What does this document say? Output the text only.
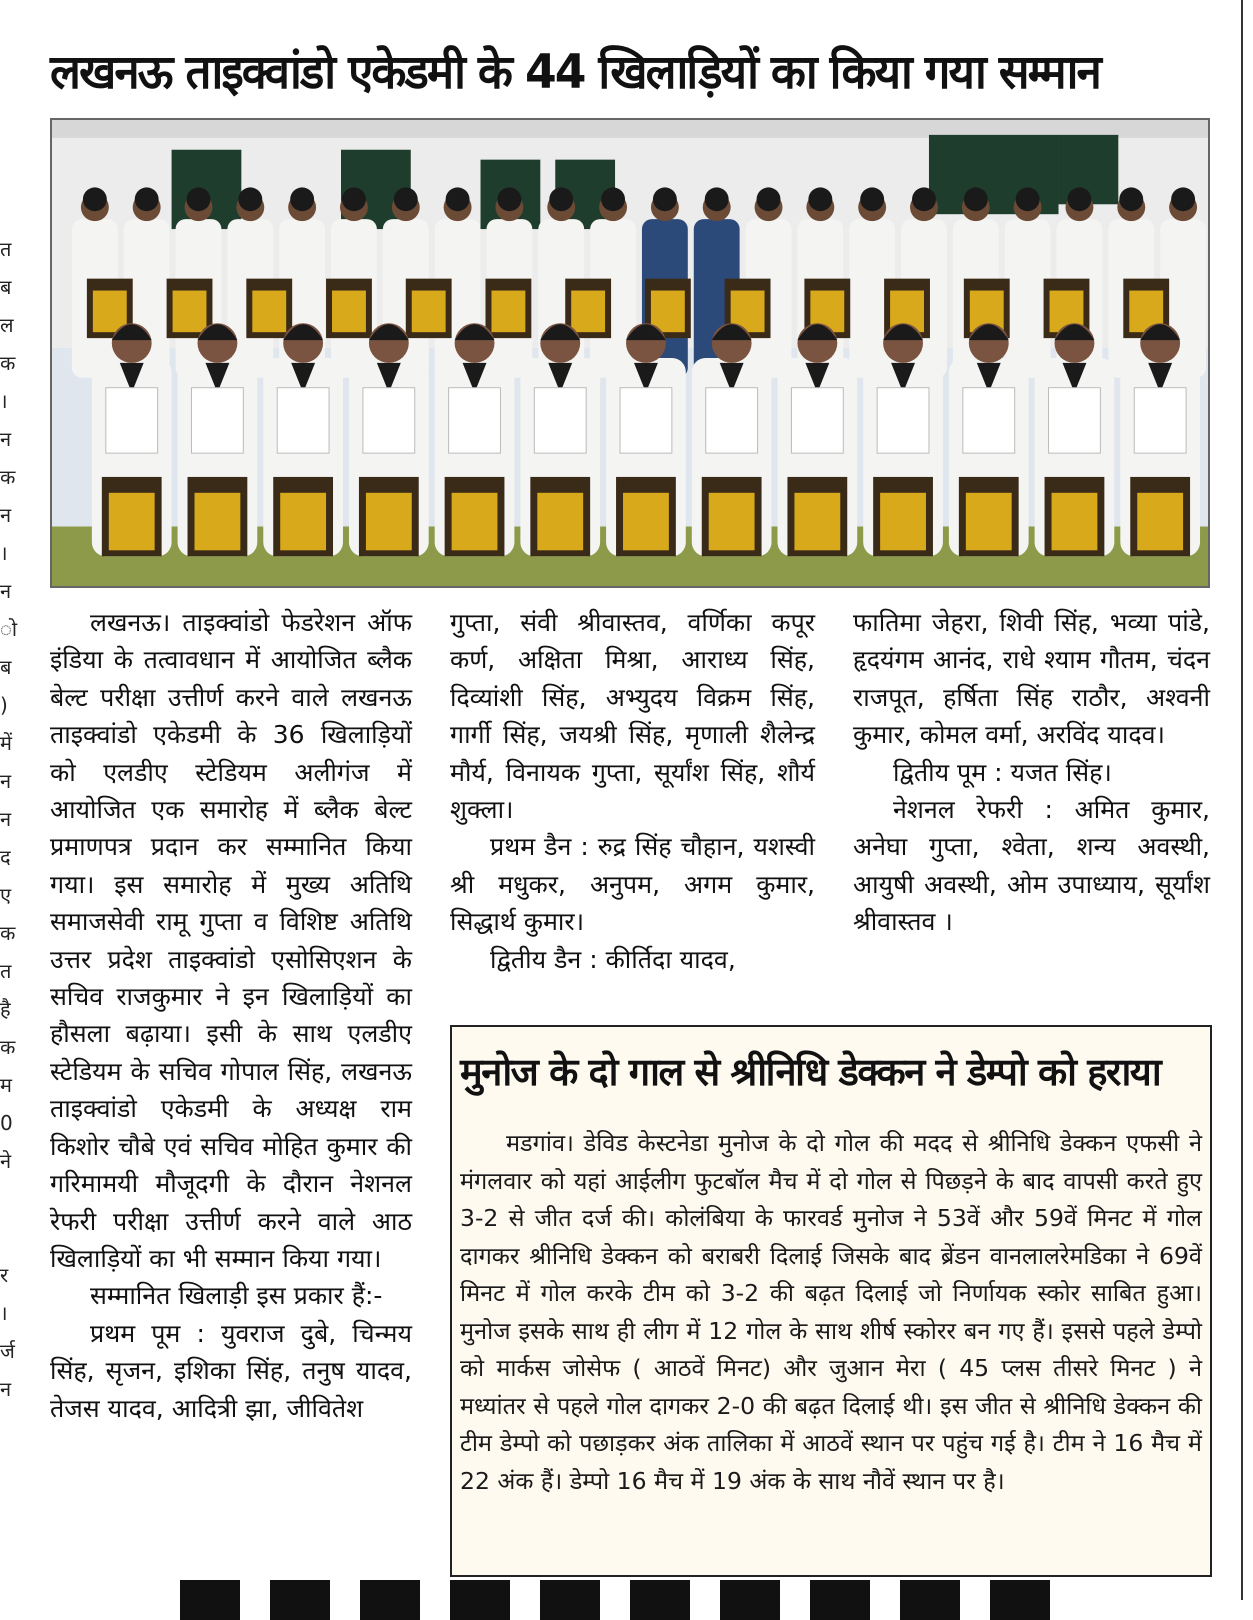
त
ब
ल
क
।
न
क
न
।
न
ो
ब
)
में
न
न
द
ए
क
त
है
क
म
0
ने

र
।
र्ज
न
लखनऊ ताइक्वांडो एकेडमी के 44 खिलाड़ियों का किया गया सम्मान

लखनऊ। ताइक्वांडो फेडरेशन ऑफ इंडिया के तत्वावधान में आयोजित ब्लैक बेल्ट परीक्षा उत्तीर्ण करने वाले लखनऊ ताइक्वांडो एकेडमी के 36 खिलाड़ियों को एलडीए स्टेडियम अलीगंज में आयोजित एक समारोह में ब्लैक बेल्ट प्रमाणपत्र प्रदान कर सम्मानित किया गया। इस समारोह में मुख्य अतिथि समाजसेवी रामू गुप्ता व विशिष्ट अतिथि उत्तर प्रदेश ताइक्वांडो एसोसिएशन के सचिव राजकुमार ने इन खिलाड़ियों का हौसला बढ़ाया। इसी के साथ एलडीए स्टेडियम के सचिव गोपाल सिंह, लखनऊ ताइक्वांडो एकेडमी के अध्यक्ष राम किशोर चौबे एवं सचिव मोहित कुमार की गरिमामयी मौजूदगी के दौरान नेशनल रेफरी परीक्षा उत्तीर्ण करने वाले आठ खिलाड़ियों का भी सम्मान किया गया।

सम्मानित खिलाड़ी इस प्रकार हैं:-

प्रथम पूम : युवराज दुबे, चिन्मय सिंह, सृजन, इशिका सिंह, तनुष यादव, तेजस यादव, आदित्री झा, जीवितेश

गुप्ता, संवी श्रीवास्तव, वर्णिका कपूर कर्ण, अक्षिता मिश्रा, आराध्य सिंह, दिव्यांशी सिंह, अभ्युदय विक्रम सिंह, गार्गी सिंह, जयश्री सिंह, मृणाली शैलेन्द्र मौर्य, विनायक गुप्ता, सूर्यांश सिंह, शौर्य शुक्ला।

प्रथम डैन : रुद्र सिंह चौहान, यशस्वी श्री मधुकर, अनुपम, अगम कुमार, सिद्धार्थ कुमार।

द्वितीय डैन : कीर्तिदा यादव,

फातिमा जेहरा, शिवी सिंह, भव्या पांडे, हृदयंगम आनंद, राधे श्याम गौतम, चंदन राजपूत, हर्षिता सिंह राठौर, अश्वनी कुमार, कोमल वर्मा, अरविंद यादव।

द्वितीय पूम : यजत सिंह।

नेशनल रेफरी : अमित कुमार, अनेघा गुप्ता, श्वेता, शन्य अवस्थी, आयुषी अवस्थी, ओम उपाध्याय, सूर्यांश श्रीवास्तव ।

मुनोज के दो गाल से श्रीनिधि डेक्कन ने डेम्पो को हराया

मडगांव। डेविड केस्टनेडा मुनोज के दो गोल की मदद से श्रीनिधि डेक्कन एफसी ने मंगलवार को यहां आईलीग फुटबॉल मैच में दो गोल से पिछड़ने के बाद वापसी करते हुए 3-2 से जीत दर्ज की। कोलंबिया के फारवर्ड मुनोज ने 53वें और 59वें मिनट में गोल दागकर श्रीनिधि डेक्कन को बराबरी दिलाई जिसके बाद ब्रेंडन वानलालरेमडिका ने 69वें मिनट में गोल करके टीम को 3-2 की बढ़त दिलाई जो निर्णायक स्कोर साबित हुआ। मुनोज इसके साथ ही लीग में 12 गोल के साथ शीर्ष स्कोरर बन गए हैं। इससे पहले डेम्पो को मार्कस जोसेफ ( आठवें मिनट) और जुआन मेरा ( 45 प्लस तीसरे मिनट ) ने मध्यांतर से पहले गोल दागकर 2-0 की बढ़त दिलाई थी। इस जीत से श्रीनिधि डेक्कन की टीम डेम्पो को पछाड़कर अंक तालिका में आठवें स्थान पर पहुंच गई है। टीम ने 16 मैच में 22 अंक हैं। डेम्पो 16 मैच में 19 अंक के साथ नौवें स्थान पर है।
